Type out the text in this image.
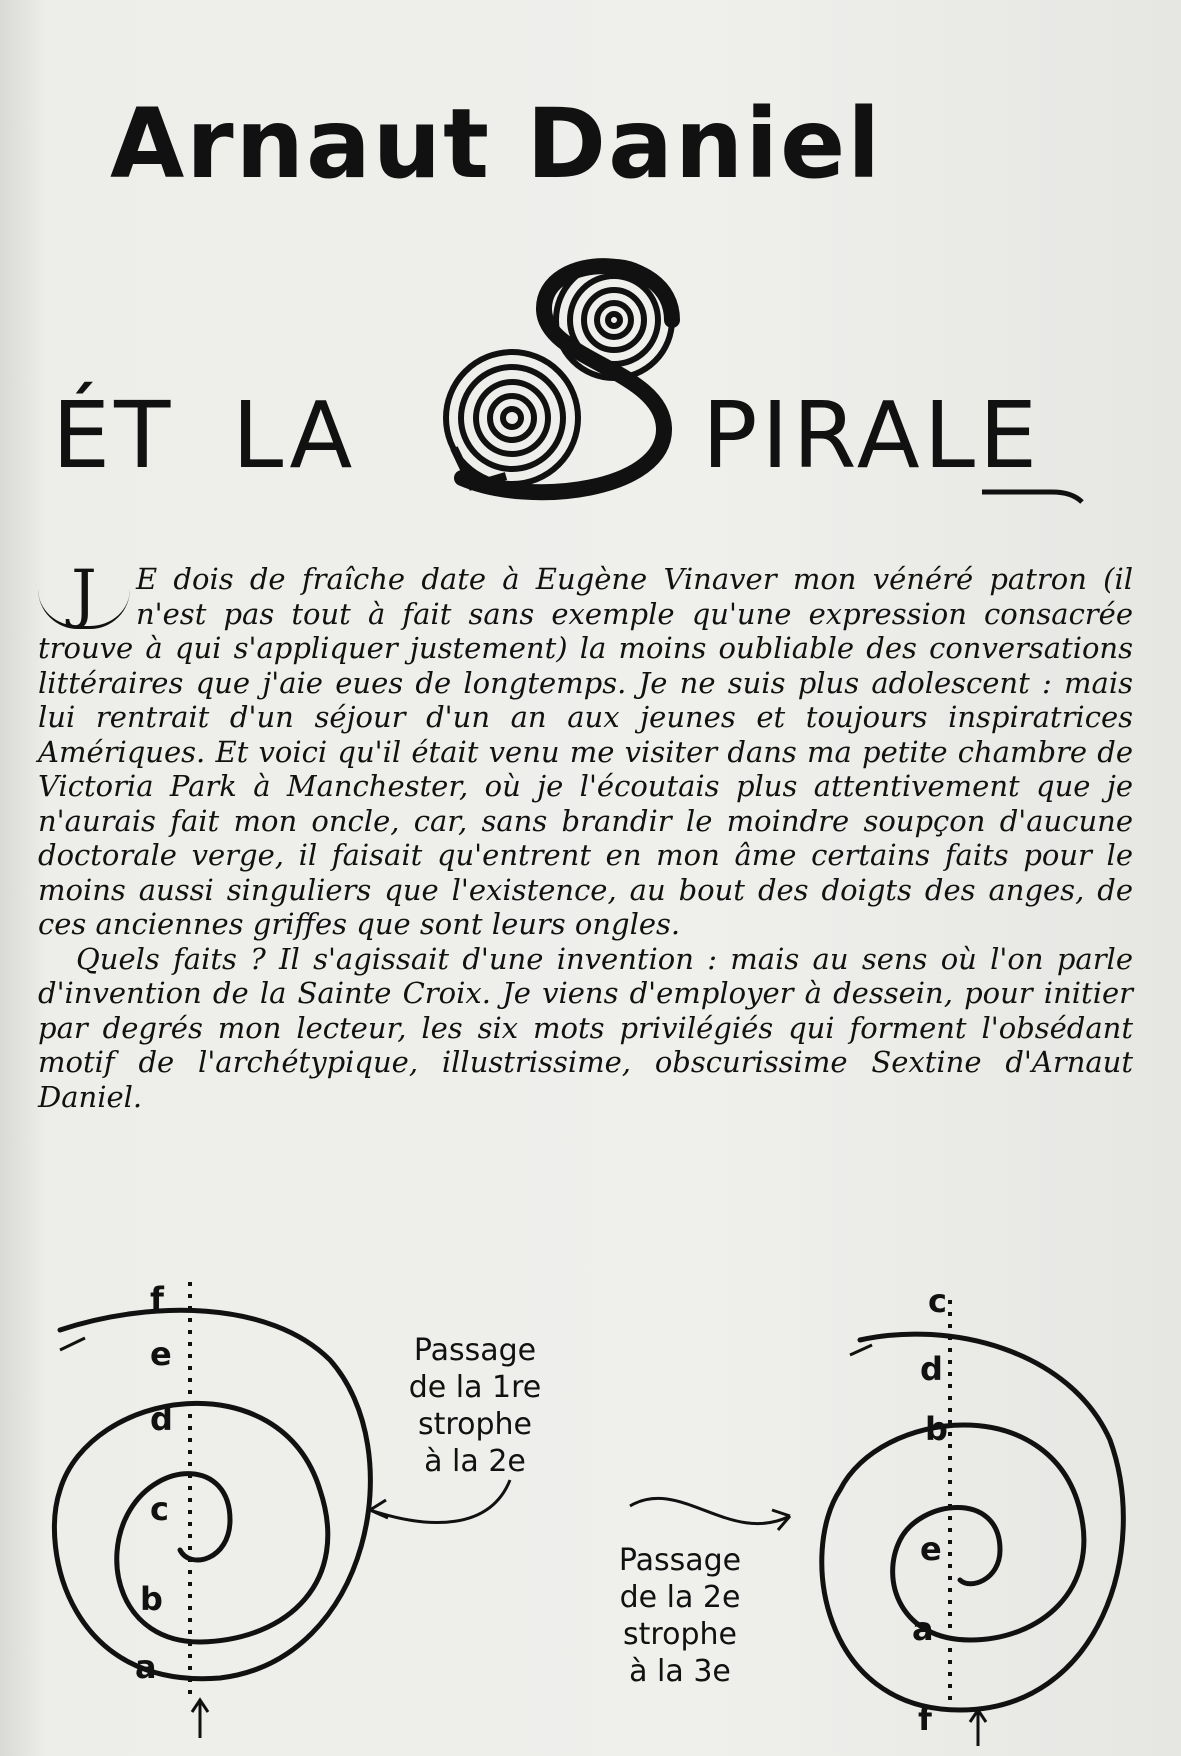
Arnaut Daniel
ÉT LA	PIRALE

J	E dois de fraîche date à Eugène Vinaver mon vénéré patron (il n'est pas tout à fait sans exemple qu'une expression consacrée trouve à qui s'appliquer justement) la moins oubliable des conversations littéraires que j'aie eues de longtemps. Je ne suis plus adolescent : mais lui rentrait d'un séjour d'un an aux jeunes et toujours inspiratrices Amériques. Et voici qu'il était venu me visiter dans ma petite chambre de Victoria Park à Manchester, où je l'écoutais plus attentivement que je n'aurais fait mon oncle, car, sans brandir le moindre soupçon d'aucune doctorale verge, il faisait qu'entrent en mon âme certains faits pour le moins aussi singuliers que l'existence, au bout des doigts des anges, de ces anciennes griffes que sont leurs ongles.

Quels faits ? Il s'agissait d'une invention : mais au sens où l'on parle d'invention de la Sainte Croix. Je viens d'employer à dessein, pour initier par degrés mon lecteur, les six mots privilégiés qui forment l'obsédant motif de l'archétypique, illustrissime, obscurissime Sextine d'Arnaut Daniel.

f
e
d
c
b
a
Passage
de la 1re
strophe
à la 2e
Passage
de la 2e
strophe
à la 3e
c
d
b
e
a
f
